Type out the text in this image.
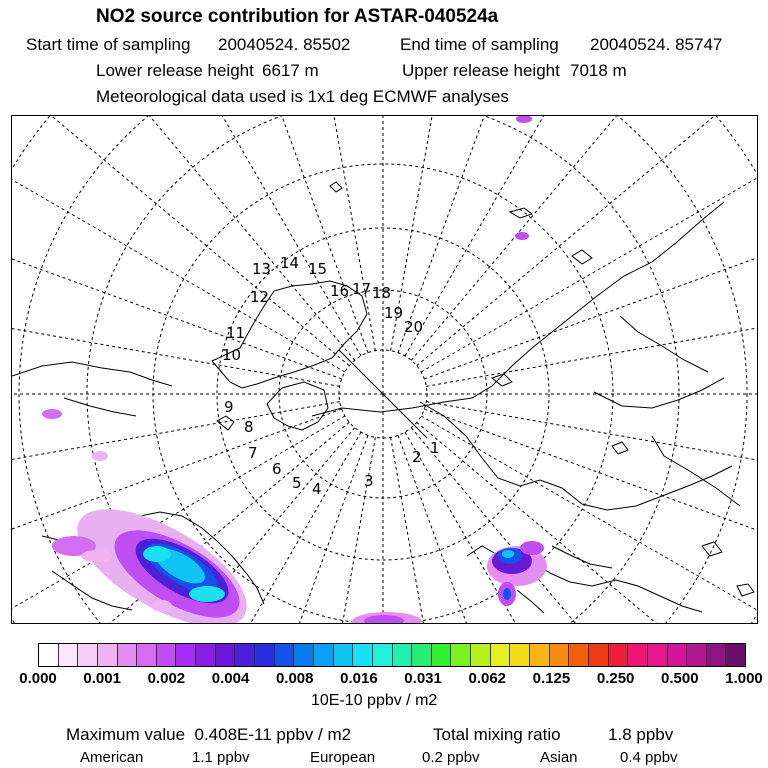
NO2 source contribution for ASTAR-040524a
Start time of sampling 20040524. 85502	End time of sampling 20040524. 85747
Lower release height 6617 m	Upper release height 7018 m
Meteorological data used is 1x1 deg ECMWF analyses
1
2
3
4
5
6
7
8
9
10
11
12
13 14 15
16 17 18
19
20
0.000 0.001 0.002 0.004 0.008 0.016 0.031 0.062 0.125 0.250 0.500 1.000
10E-10 ppbv / m2
Maximum value 0.408E-11 ppbv / m2	Total mixing ratio	1.8 ppbv
American	1.1 ppbv	European	0.2 ppbv	Asian	0.4 ppbv
